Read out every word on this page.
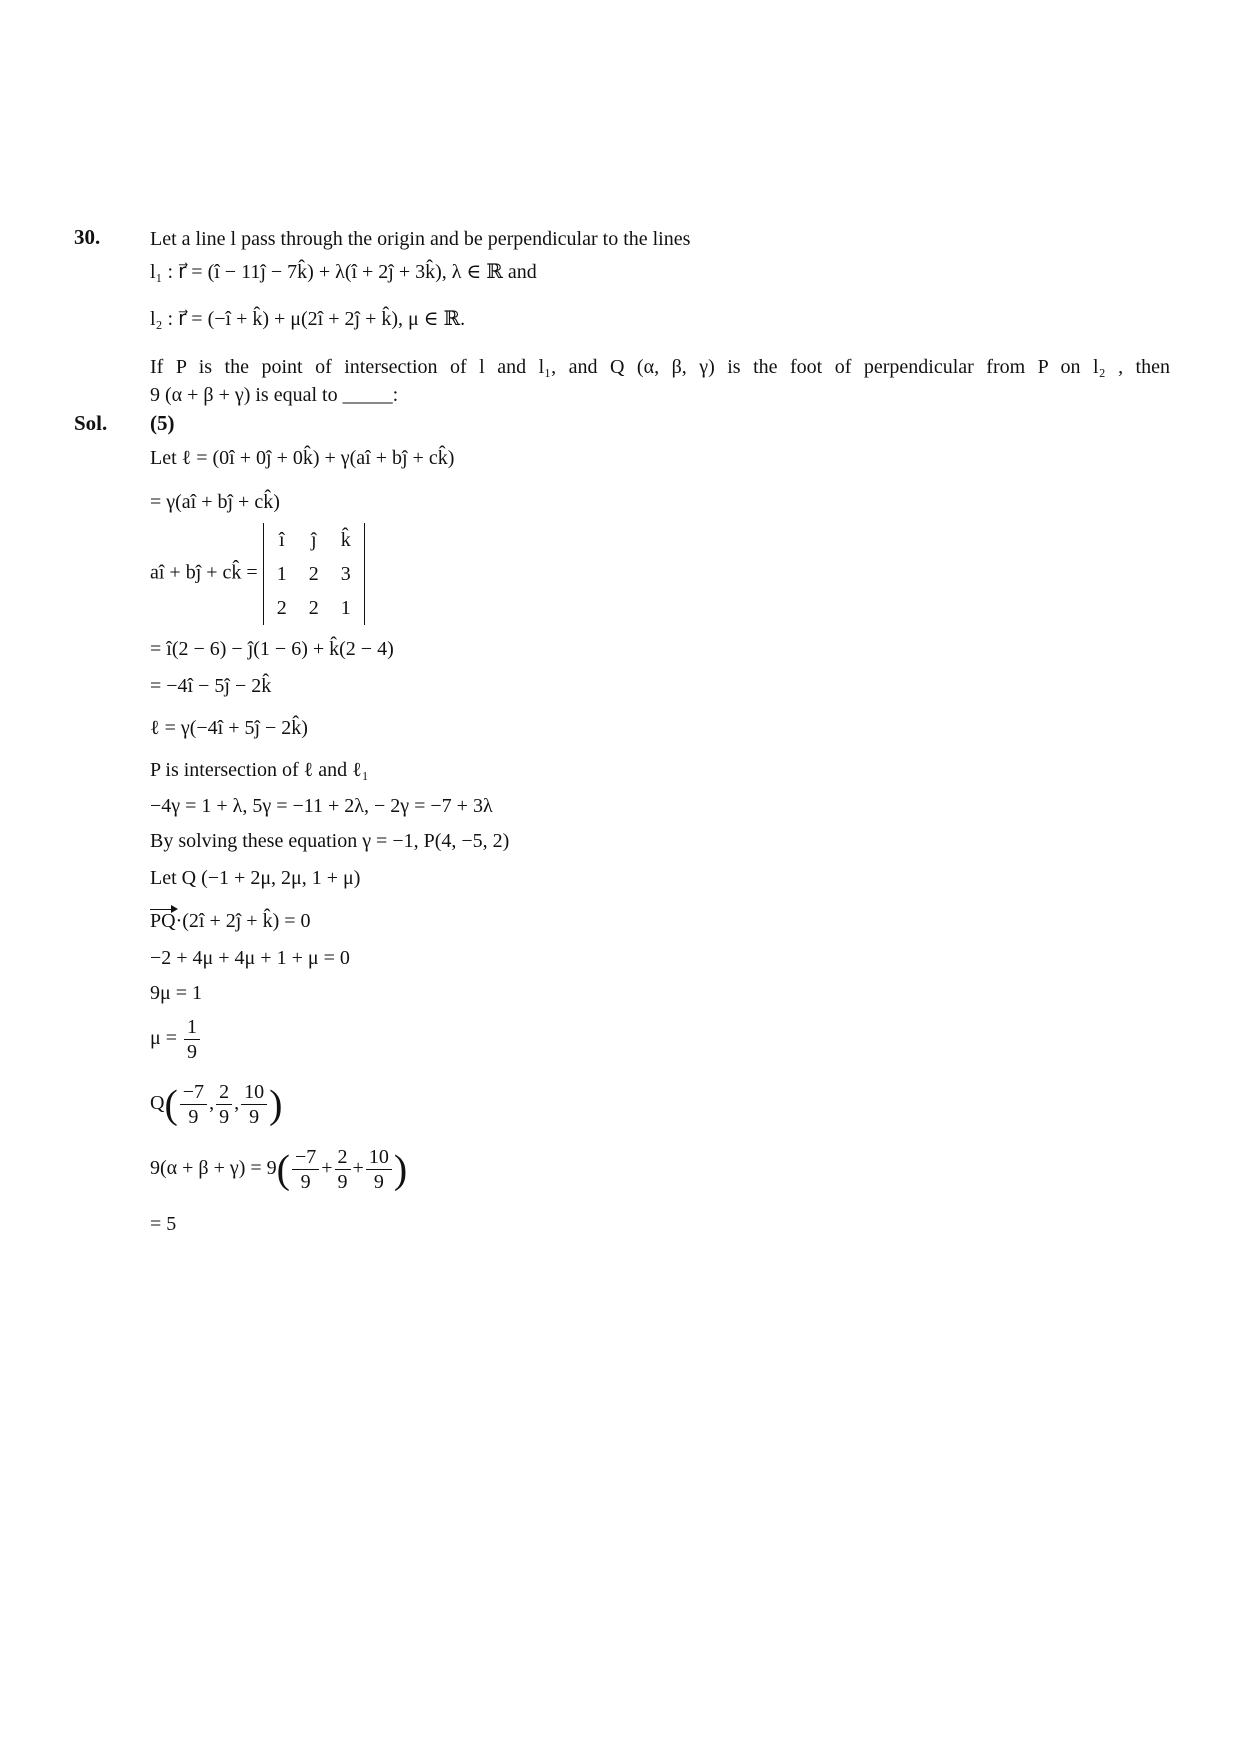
30. Let a line l pass through the origin and be perpendicular to the lines
l₁ : r⃗ = (î − 11ĵ − 7k̂) + λ(î + 2ĵ + 3k̂), λ ∈ ℝ and
l₂ : r⃗ = (−î + k̂) + μ(2î + 2ĵ + k̂), μ ∈ ℝ.
If P is the point of intersection of l and l₁, and Q (α, β, γ) is the foot of perpendicular from P on l₂ , then
9 (α + β + γ) is equal to _____:
Sol. (5)
Let ℓ = (0î + 0ĵ + 0k̂) + γ(aî + bĵ + ck̂)
= γ(aî + bĵ + ck̂)
aî + bĵ + ck̂ =
î	ĵ	k̂
1	2	3
2	2	1
= î(2 − 6) − ĵ(1 − 6) + k̂(2 − 4)
= −4î − 5ĵ − 2k̂
ℓ = γ(−4î + 5ĵ − 2k̂)
P is intersection of ℓ and ℓ₁
−4γ = 1 + λ, 5γ = −11 + 2λ, − 2γ = −7 + 3λ
By solving these equation γ = −1, P(4, −5, 2)
Let Q (−1 + 2μ, 2μ, 1 + μ)
PQ·(2î + 2ĵ + k̂) = 0
−2 + 4μ + 4μ + 1 + μ = 0
9μ = 1
$\mu = \frac{1}{9}$
$Q( \frac{-7}{9}$ , $\frac{2}{9}$ , $\frac{10}{9}$ )
$9(\alpha + \beta + \gamma) = 9( \frac{-7}{9} + \frac{2}{9} + \frac{10}{9}$ )
= 5
